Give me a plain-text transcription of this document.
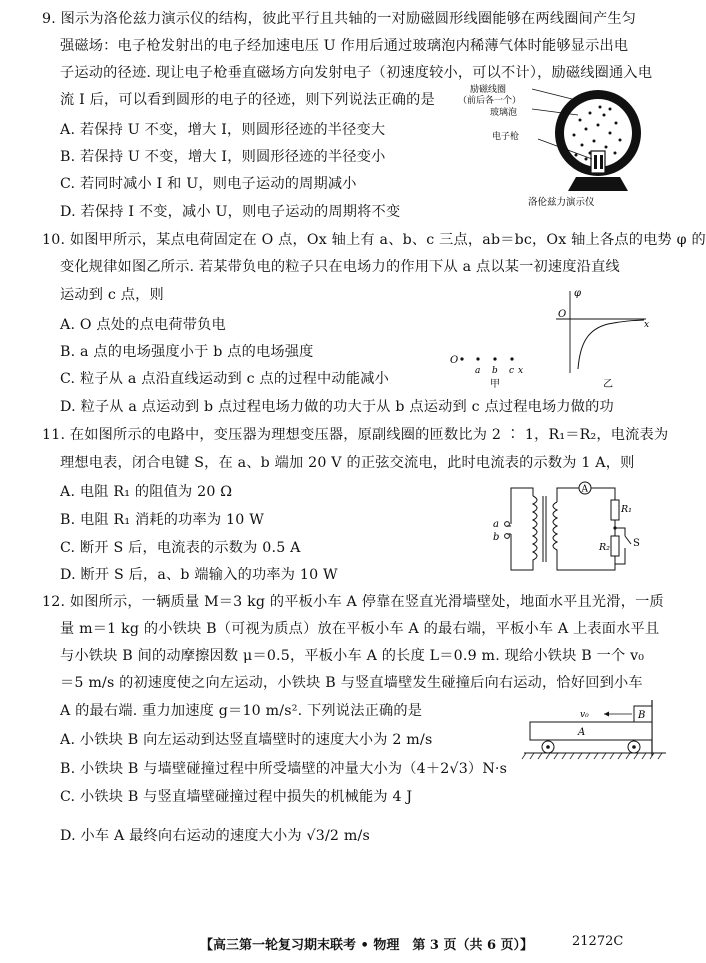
9. 图示为洛伦兹力演示仪的结构，彼此平行且共轴的一对励磁圆形线圈能够在两线圈间产生匀
强磁场：电子枪发射出的电子经加速电压 U 作用后通过玻璃泡内稀薄气体时能够显示出电
子运动的径迹. 现让电子枪垂直磁场方向发射电子（初速度较小，可以不计），励磁线圈通入电
流 I 后，可以看到圆形的电子的径迹，则下列说法正确的是
A. 若保持 U 不变，增大 I，则圆形径迹的半径变大
B. 若保持 U 不变，增大 I，则圆形径迹的半径变小
C. 若同时减小 I 和 U，则电子运动的周期减小
D. 若保持 I 不变，减小 U，则电子运动的周期将不变
励磁线圈
（前后各一个）
玻璃泡
电子枪
洛伦兹力演示仪
10. 如图甲所示，某点电荷固定在 O 点，Ox 轴上有 a、b、c 三点，ab＝bc，Ox 轴上各点的电势 φ 的
变化规律如图乙所示. 若某带负电的粒子只在电场力的作用下从 a 点以某一初速度沿直线
运动到 c 点，则
A. O 点处的点电荷带负电
B. a 点的电场强度小于 b 点的电场强度
C. 粒子从 a 点沿直线运动到 c 点的过程中动能减小
D. 粒子从 a 点运动到 b 点过程电场力做的功大于从 b 点运动到 c 点过程电场力做的功
O
a b c x
甲
φ
O
x
乙
11. 在如图所示的电路中，变压器为理想变压器，原副线圈的匝数比为 2 ∶ 1，R₁＝R₂，电流表为
理想电表，闭合电键 S，在 a、b 端加 20 V 的正弦交流电，此时电流表的示数为 1 A，则
A. 电阻 R₁ 的阻值为 20 Ω
B. 电阻 R₁ 消耗的功率为 10 W
C. 断开 S 后，电流表的示数为 0.5 A
D. 断开 S 后，a、b 端输入的功率为 10 W
A
a
b
R₁
R₂ S
12. 如图所示，一辆质量 M＝3 kg 的平板小车 A 停靠在竖直光滑墙壁处，地面水平且光滑，一质
量 m＝1 kg 的小铁块 B（可视为质点）放在平板小车 A 的最右端，平板小车 A 上表面水平且
与小铁块 B 间的动摩擦因数 μ＝0.5，平板小车 A 的长度 L＝0.9 m. 现给小铁块 B 一个 v₀
＝5 m/s 的初速度使之向左运动，小铁块 B 与竖直墙壁发生碰撞后向右运动，恰好回到小车
A 的最右端. 重力加速度 g＝10 m/s². 下列说法正确的是
A. 小铁块 B 向左运动到达竖直墙壁时的速度大小为 2 m/s
B. 小铁块 B 与墙壁碰撞过程中所受墙壁的冲量大小为（4＋2√3）N·s
C. 小铁块 B 与竖直墙壁碰撞过程中损失的机械能为 4 J
D. 小车 A 最终向右运动的速度大小为 √3/2 m/s
v₀	B
A
【高三第一轮复习期末联考 • 物理　第 3 页（共 6 页）】	21272C
